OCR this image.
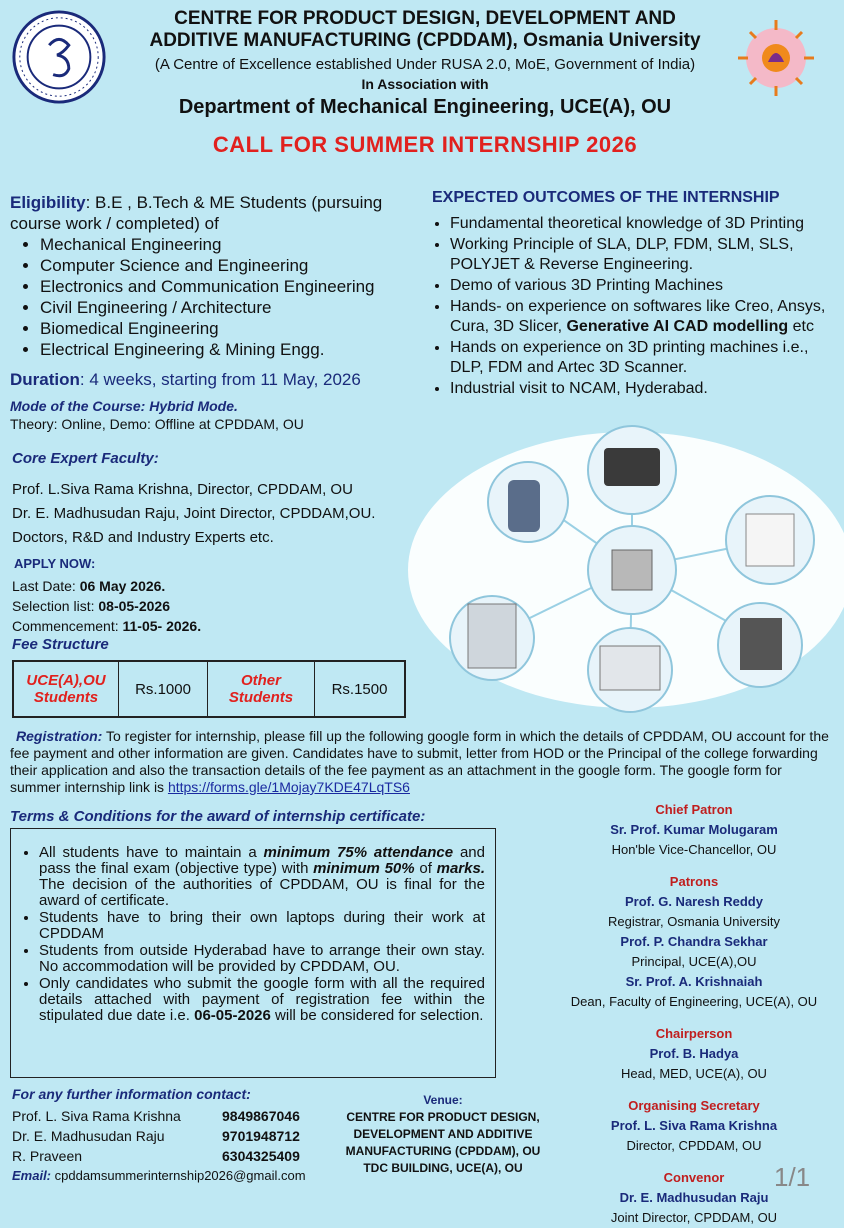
CENTRE FOR PRODUCT DESIGN, DEVELOPMENT AND
ADDITIVE MANUFACTURING (CPDDAM), Osmania University
(A Centre of Excellence established Under RUSA 2.0, MoE, Government of India)
In Association with
Department of Mechanical Engineering, UCE(A), OU
CALL FOR SUMMER INTERNSHIP 2026
Eligibility: B.E , B.Tech & ME Students (pursuing course work / completed) of
• Mechanical Engineering
• Computer Science and Engineering
• Electronics and Communication Engineering
• Civil Engineering / Architecture
• Biomedical Engineering
• Electrical Engineering & Mining Engg.
Duration: 4 weeks, starting from 11 May, 2026
Mode of the Course: Hybrid Mode.
Theory: Online, Demo: Offline at CPDDAM, OU
Core Expert Faculty:
Prof. L.Siva Rama Krishna, Director, CPDDAM, OU
Dr. E. Madhusudan Raju, Joint Director, CPDDAM,OU.
Doctors, R&D and Industry Experts etc.
APPLY NOW:
Last Date: 06 May 2026.
Selection list: 08-05-2026
Commencement: 11-05- 2026.
Fee Structure
UCE(A),OU Students	Rs.1000	Other Students	Rs.1500
EXPECTED OUTCOMES OF THE INTERNSHIP
• Fundamental theoretical knowledge of 3D Printing
• Working Principle of SLA, DLP, FDM, SLM, SLS, POLYJET & Reverse Engineering.
• Demo of various 3D Printing Machines
• Hands- on experience on softwares like Creo, Ansys, Cura, 3D Slicer, Generative AI CAD modelling etc
• Hands on experience on 3D printing machines i.e., DLP, FDM and Artec 3D Scanner.
• Industrial visit to NCAM, Hyderabad.
Registration: To register for internship, please fill up the following google form in which the details of CPDDAM, OU account for the fee payment and other information are given. Candidates have to submit, letter from HOD or the Principal of the college forwarding their application and also the transaction details of the fee payment as an attachment in the google form. The google form for summer internship link is https://forms.gle/1Mojay7KDE47LqTS6
Terms & Conditions for the award of internship certificate:
• All students have to maintain a minimum 75% attendance and pass the final exam (objective type) with minimum 50% of marks. The decision of the authorities of CPDDAM, OU is final for the award of certificate.
• Students have to bring their own laptops during their work at CPDDAM
• Students from outside Hyderabad have to arrange their own stay. No accommodation will be provided by CPDDAM, OU.
• Only candidates who submit the google form with all the required details attached with payment of registration fee within the stipulated due date i.e. 06-05-2026 will be considered for selection.
For any further information contact:
Prof. L. Siva Rama Krishna	9849867046
Dr. E. Madhusudan Raju	9701948712
R. Praveen	6304325409
Email: cpddamsummerinternship2026@gmail.com
Venue:
CENTRE FOR PRODUCT DESIGN,
DEVELOPMENT AND ADDITIVE
MANUFACTURING (CPDDAM), OU
TDC BUILDING, UCE(A), OU
Chief Patron
Sr. Prof. Kumar Molugaram
Hon'ble Vice-Chancellor, OU
Patrons
Prof. G. Naresh Reddy
Registrar, Osmania University
Prof. P. Chandra Sekhar
Principal, UCE(A),OU
Sr. Prof. A. Krishnaiah
Dean, Faculty of Engineering, UCE(A), OU
Chairperson
Prof. B. Hadya
Head, MED, UCE(A), OU
Organising Secretary
Prof. L. Siva Rama Krishna
Director, CPDDAM, OU
Convenor
Dr. E. Madhusudan Raju
Joint Director, CPDDAM, OU
1/1
